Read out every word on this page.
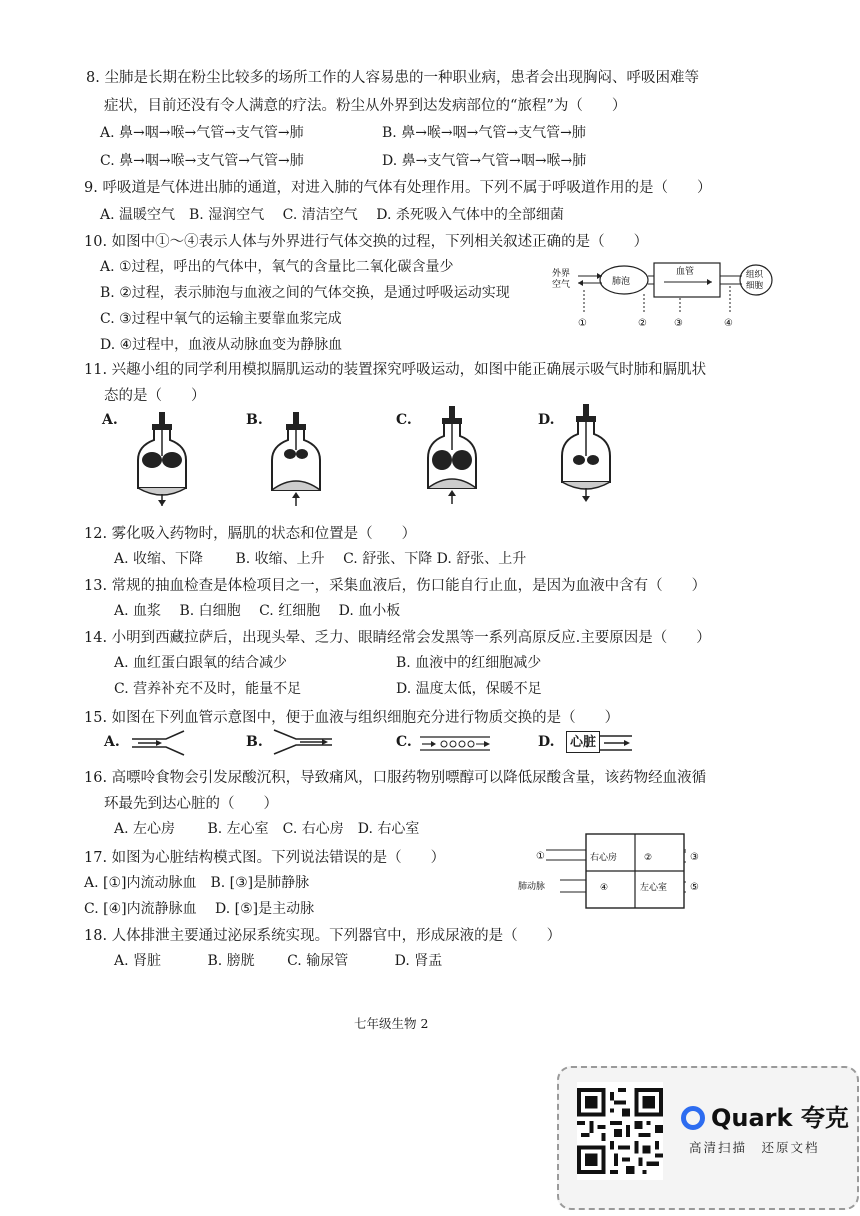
8. 尘肺是长期在粉尘比较多的场所工作的人容易患的一种职业病，患者会出现胸闷、呼吸困难等
症状，目前还没有令人满意的疗法。粉尘从外界到达发病部位的“旅程”为（　　）
A. 鼻→咽→喉→气管→支气管→肺	B. 鼻→喉→咽→气管→支气管→肺
C. 鼻→咽→喉→支气管→气管→肺	D. 鼻→支气管→气管→咽→喉→肺
9. 呼吸道是气体进出肺的通道，对进入肺的气体有处理作用。下列不属于呼吸道作用的是（　　）
A. 温暖空气　B. 湿润空气　 C. 清洁空气　 D. 杀死吸入气体中的全部细菌
10. 如图中①～④表示人体与外界进行气体交换的过程，下列相关叙述正确的是（　　）
A. ①过程，呼出的气体中，氧气的含量比二氧化碳含量少
B. ②过程，表示肺泡与血液之间的气体交换，是通过呼吸运动实现
C. ③过程中氧气的运输主要靠血浆完成
D. ④过程中，血液从动脉血变为静脉血
外界
空气	肺泡
血管	组织
细胞
①	②	③	④
11. 兴趣小组的同学利用模拟膈肌运动的装置探究呼吸运动，如图中能正确展示吸气时肺和膈肌状
态的是（　　）
A.	B.	C.	D.
12. 雾化吸入药物时，膈肌的状态和位置是（　　）
A. 收缩、下降　　 B. 收缩、上升　 C. 舒张、下降 D. 舒张、上升
13. 常规的抽血检查是体检项目之一，采集血液后，伤口能自行止血，是因为血液中含有（　　）
A. 血浆　 B. 白细胞　 C. 红细胞　 D. 血小板
14. 小明到西藏拉萨后，出现头晕、乏力、眼睛经常会发黑等一系列高原反应.主要原因是（　　）
A. 血红蛋白跟氧的结合减少	B. 血液中的红细胞减少
C. 营养补充不及时，能量不足	D. 温度太低，保暖不足
15. 如图在下列血管示意图中，便于血液与组织细胞充分进行物质交换的是（　　）
A.	B.	C.	D.	心脏
16. 高嘌呤食物会引发尿酸沉积，导致痛风，口服药物别嘌醇可以降低尿酸含量，该药物经血液循
环最先到达心脏的（　　）
A. 左心房　　 B. 左心室　C. 右心房　D. 右心室
17. 如图为心脏结构模式图。下列说法错误的是（　　）
A. [①]内流动脉血　B. [③]是肺静脉
C. [④]内流静脉血　 D. [⑤]是主动脉
右心房	②
④	左心室
①
肺动脉
③
⑤
18. 人体排泄主要通过泌尿系统实现。下列器官中，形成尿液的是（　　）
A. 肾脏　　　 B. 膀胱　　 C. 输尿管　　　 D. 肾盂
七年级生物 2
Quark 夸克
高清扫描　还原文档
